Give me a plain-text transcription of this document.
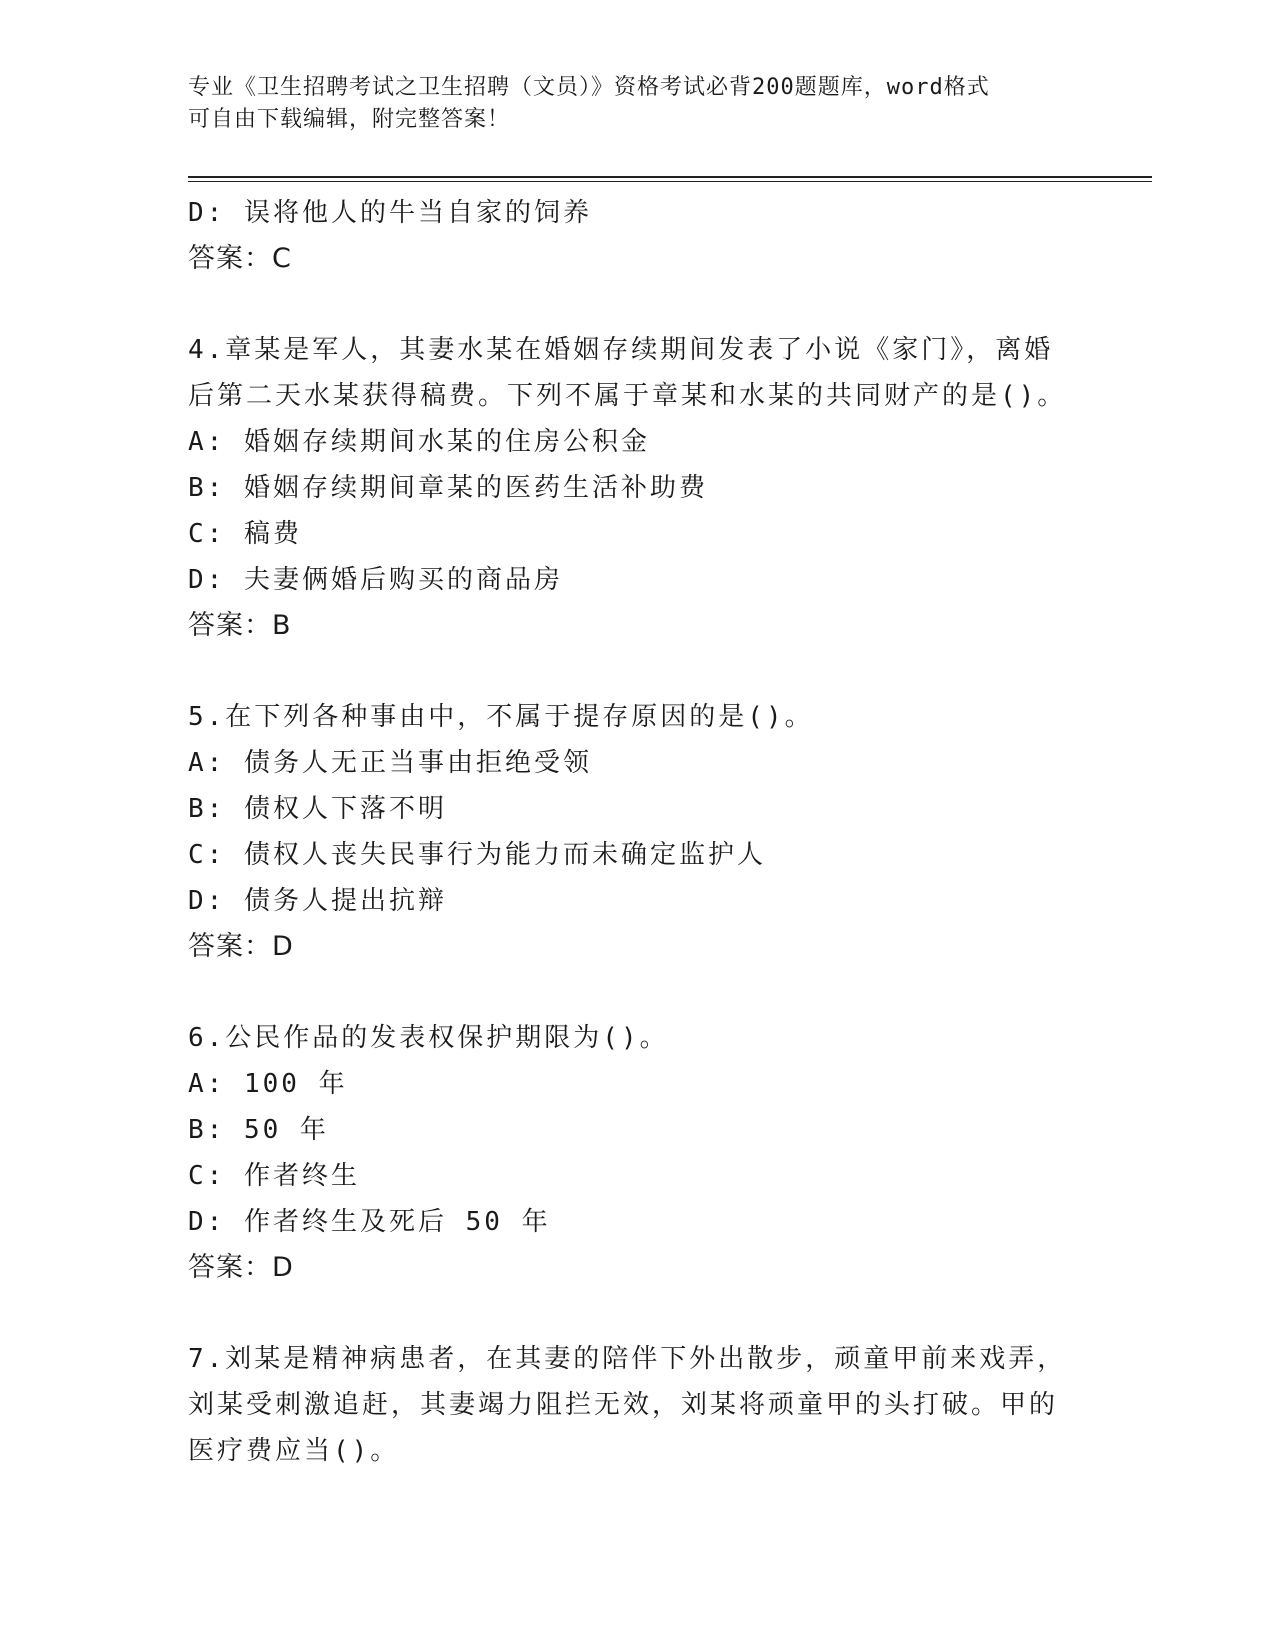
专业《卫生招聘考试之卫生招聘（文员）》资格考试必背200题题库，word格式
可自由下载编辑，附完整答案！
D: 误将他人的牛当自家的饲养
答案：C
4.章某是军人，其妻水某在婚姻存续期间发表了小说《家门》，离婚
后第二天水某获得稿费。下列不属于章某和水某的共同财产的是()。
A: 婚姻存续期间水某的住房公积金
B: 婚姻存续期间章某的医药生活补助费
C: 稿费
D: 夫妻俩婚后购买的商品房
答案：B
5.在下列各种事由中，不属于提存原因的是()。
A: 债务人无正当事由拒绝受领
B: 债权人下落不明
C: 债权人丧失民事行为能力而未确定监护人
D: 债务人提出抗辩
答案：D
6.公民作品的发表权保护期限为()。
A: 100 年
B: 50 年
C: 作者终生
D: 作者终生及死后 50 年
答案：D
7.刘某是精神病患者，在其妻的陪伴下外出散步，顽童甲前来戏弄，
刘某受刺激追赶，其妻竭力阻拦无效，刘某将顽童甲的头打破。甲的
医疗费应当()。
